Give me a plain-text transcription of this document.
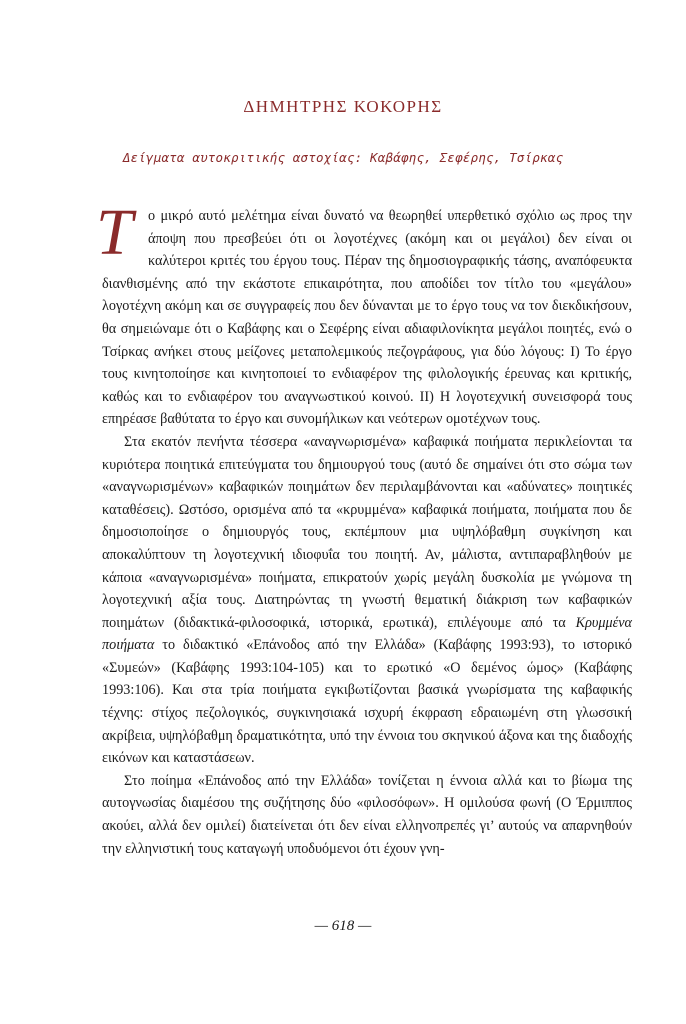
ΔΗΜΗΤΡΗΣ ΚΟΚΟΡΗΣ
Δείγματα αυτοκριτικής αστοχίας: Καβάφης, Σεφέρης, Τσίρκας

Τ	ο μικρό αυτό μελέτημα είναι δυνατό να θεωρηθεί υπερθετικό σχόλιο ως προς την άποψη που πρεσβεύει ότι οι λογοτέχνες (ακόμη και οι μεγάλοι) δεν είναι οι καλύτεροι κριτές του έργου τους. Πέραν της δημοσιογραφικής τάσης, αναπόφευκτα διανθισμένης από την εκάστοτε επικαιρότητα, που αποδίδει τον τίτλο του «μεγάλου» λογοτέχνη ακόμη και σε συγγραφείς που δεν δύνανται με το έργο τους να τον διεκδικήσουν, θα σημειώναμε ότι ο Καβάφης και ο Σεφέρης είναι αδιαφιλονίκητα μεγάλοι ποιητές, ενώ ο Τσίρκας ανήκει στους μείζονες μεταπολεμικούς πεζογράφους, για δύο λόγους: Ι) Το έργο τους κινητοποίησε και κινητοποιεί το ενδιαφέρον της φιλολογικής έρευνας και κριτικής, καθώς και το ενδιαφέρον του αναγνωστικού κοινού. ΙΙ) Η λογοτεχνική συνεισφορά τους επηρέασε βαθύτατα το έργο και συνομήλικων και νεότερων ομοτέχνων τους.

Στα εκατόν πενήντα τέσσερα «αναγνωρισμένα» καβαφικά ποιήματα περικλείονται τα κυριότερα ποιητικά επιτεύγματα του δημιουργού τους (αυτό δε σημαίνει ότι στο σώμα των «αναγνωρισμένων» καβαφικών ποιημάτων δεν περιλαμβάνονται και «αδύνατες» ποιητικές καταθέσεις). Ωστόσο, ορισμένα από τα «κρυμμένα» καβαφικά ποιήματα, ποιήματα που δε δημοσιοποίησε ο δημιουργός τους, εκπέμπουν μια υψηλόβαθμη συγκίνηση και αποκαλύπτουν τη λογοτεχνική ιδιοφυΐα του ποιητή. Αν, μάλιστα, αντιπαραβληθούν με κάποια «αναγνωρισμένα» ποιήματα, επικρατούν χωρίς μεγάλη δυσκολία με γνώμονα τη λογοτεχνική αξία τους. Διατηρώντας τη γνωστή θεματική διάκριση των καβαφικών ποιημάτων (διδακτικά-φιλοσοφικά, ιστορικά, ερωτικά), επιλέγουμε από τα Κρυμμένα ποιήματα το διδακτικό «Επάνοδος από την Ελλάδα» (Καβάφης 1993:93), το ιστορικό «Συμεών» (Καβάφης 1993:104-105) και το ερωτικό «Ο δεμένος ώμος» (Καβάφης 1993:106). Και στα τρία ποιήματα εγκιβωτίζονται βασικά γνωρίσματα της καβαφικής τέχνης: στίχος πεζολογικός, συγκινησιακά ισχυρή έκφραση εδραιωμένη στη γλωσσική ακρίβεια, υψηλόβαθμη δραματικότητα, υπό την έννοια του σκηνικού άξονα και της διαδοχής εικόνων και καταστάσεων.

Στο ποίημα «Επάνοδος από την Ελλάδα» τονίζεται η έννοια αλλά και το βίωμα της αυτογνωσίας διαμέσου της συζήτησης δύο «φιλοσόφων». Η ομιλούσα φωνή (Ο Έρμιππος ακούει, αλλά δεν ομιλεί) διατείνεται ότι δεν είναι ελληνοπρεπές γι’ αυτούς να απαρνηθούν την ελληνιστική τους καταγωγή υποδυόμενοι ότι έχουν γνη-

— 618 —
